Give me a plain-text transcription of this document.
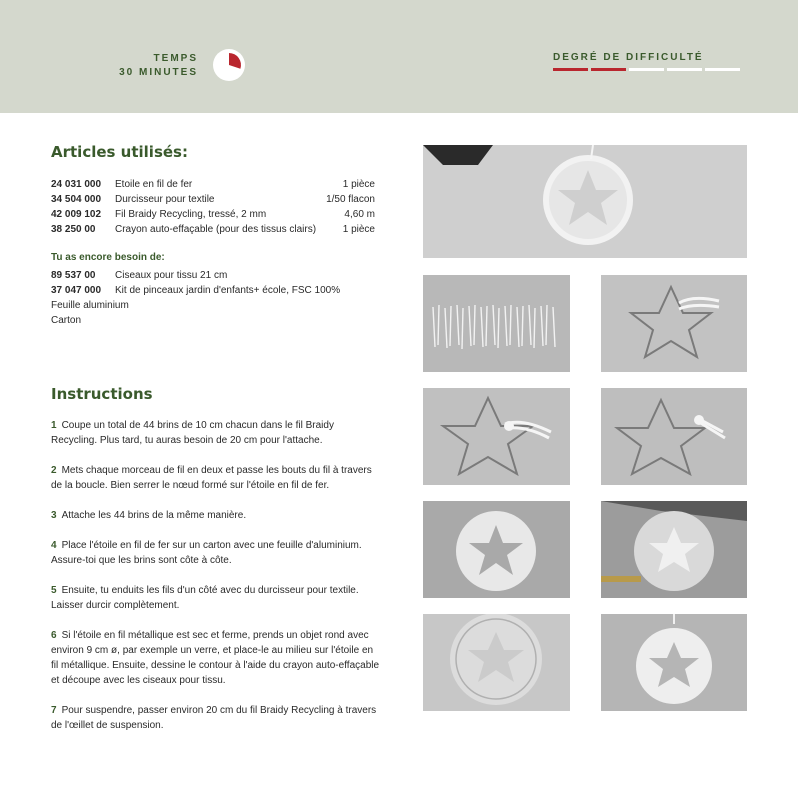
TEMPS
30 MINUTES
DEGRÉ DE DIFFICULTÉ
Articles utilisés:
24 031 000	Etoile en fil de fer	1 pièce
34 504 000	Durcisseur pour textile	1/50 flacon
42 009 102	Fil Braidy Recycling, tressé, 2 mm	4,60 m
38 250 00	Crayon auto-effaçable (pour des tissus clairs)	1 pièce
Tu as encore besoin de:
89 537 00	Ciseaux pour tissu 21 cm
37 047 000	Kit de pinceaux jardin d'enfants+ école, FSC 100%
Feuille aluminium
Carton
Instructions
1 Coupe un total de 44 brins de 10 cm chacun dans le fil Braidy Recycling. Plus tard, tu auras besoin de 20 cm pour l'attache.
2 Mets chaque morceau de fil en deux et passe les bouts du fil à travers de la boucle. Bien serrer le nœud formé sur l'étoile en fil de fer.
3 Attache les 44 brins de la même manière.
4 Place l'étoile en fil de fer sur un carton avec une feuille d'aluminium. Assure-toi que les brins sont côte à côte.
5 Ensuite, tu enduits les fils d'un côté avec du durcisseur pour textile. Laisser durcir complètement.
6 Si l'étoile en fil métallique est sec et ferme, prends un objet rond avec environ 9 cm ø, par exemple un verre, et place-le au milieu sur l'étoile en fil métallique. Ensuite, dessine le contour à l'aide du crayon auto-effaçable et découpe avec les ciseaux pour tissu.
7 Pour suspendre, passer environ 20 cm du fil Braidy Recycling à travers de l'œillet de suspension.
